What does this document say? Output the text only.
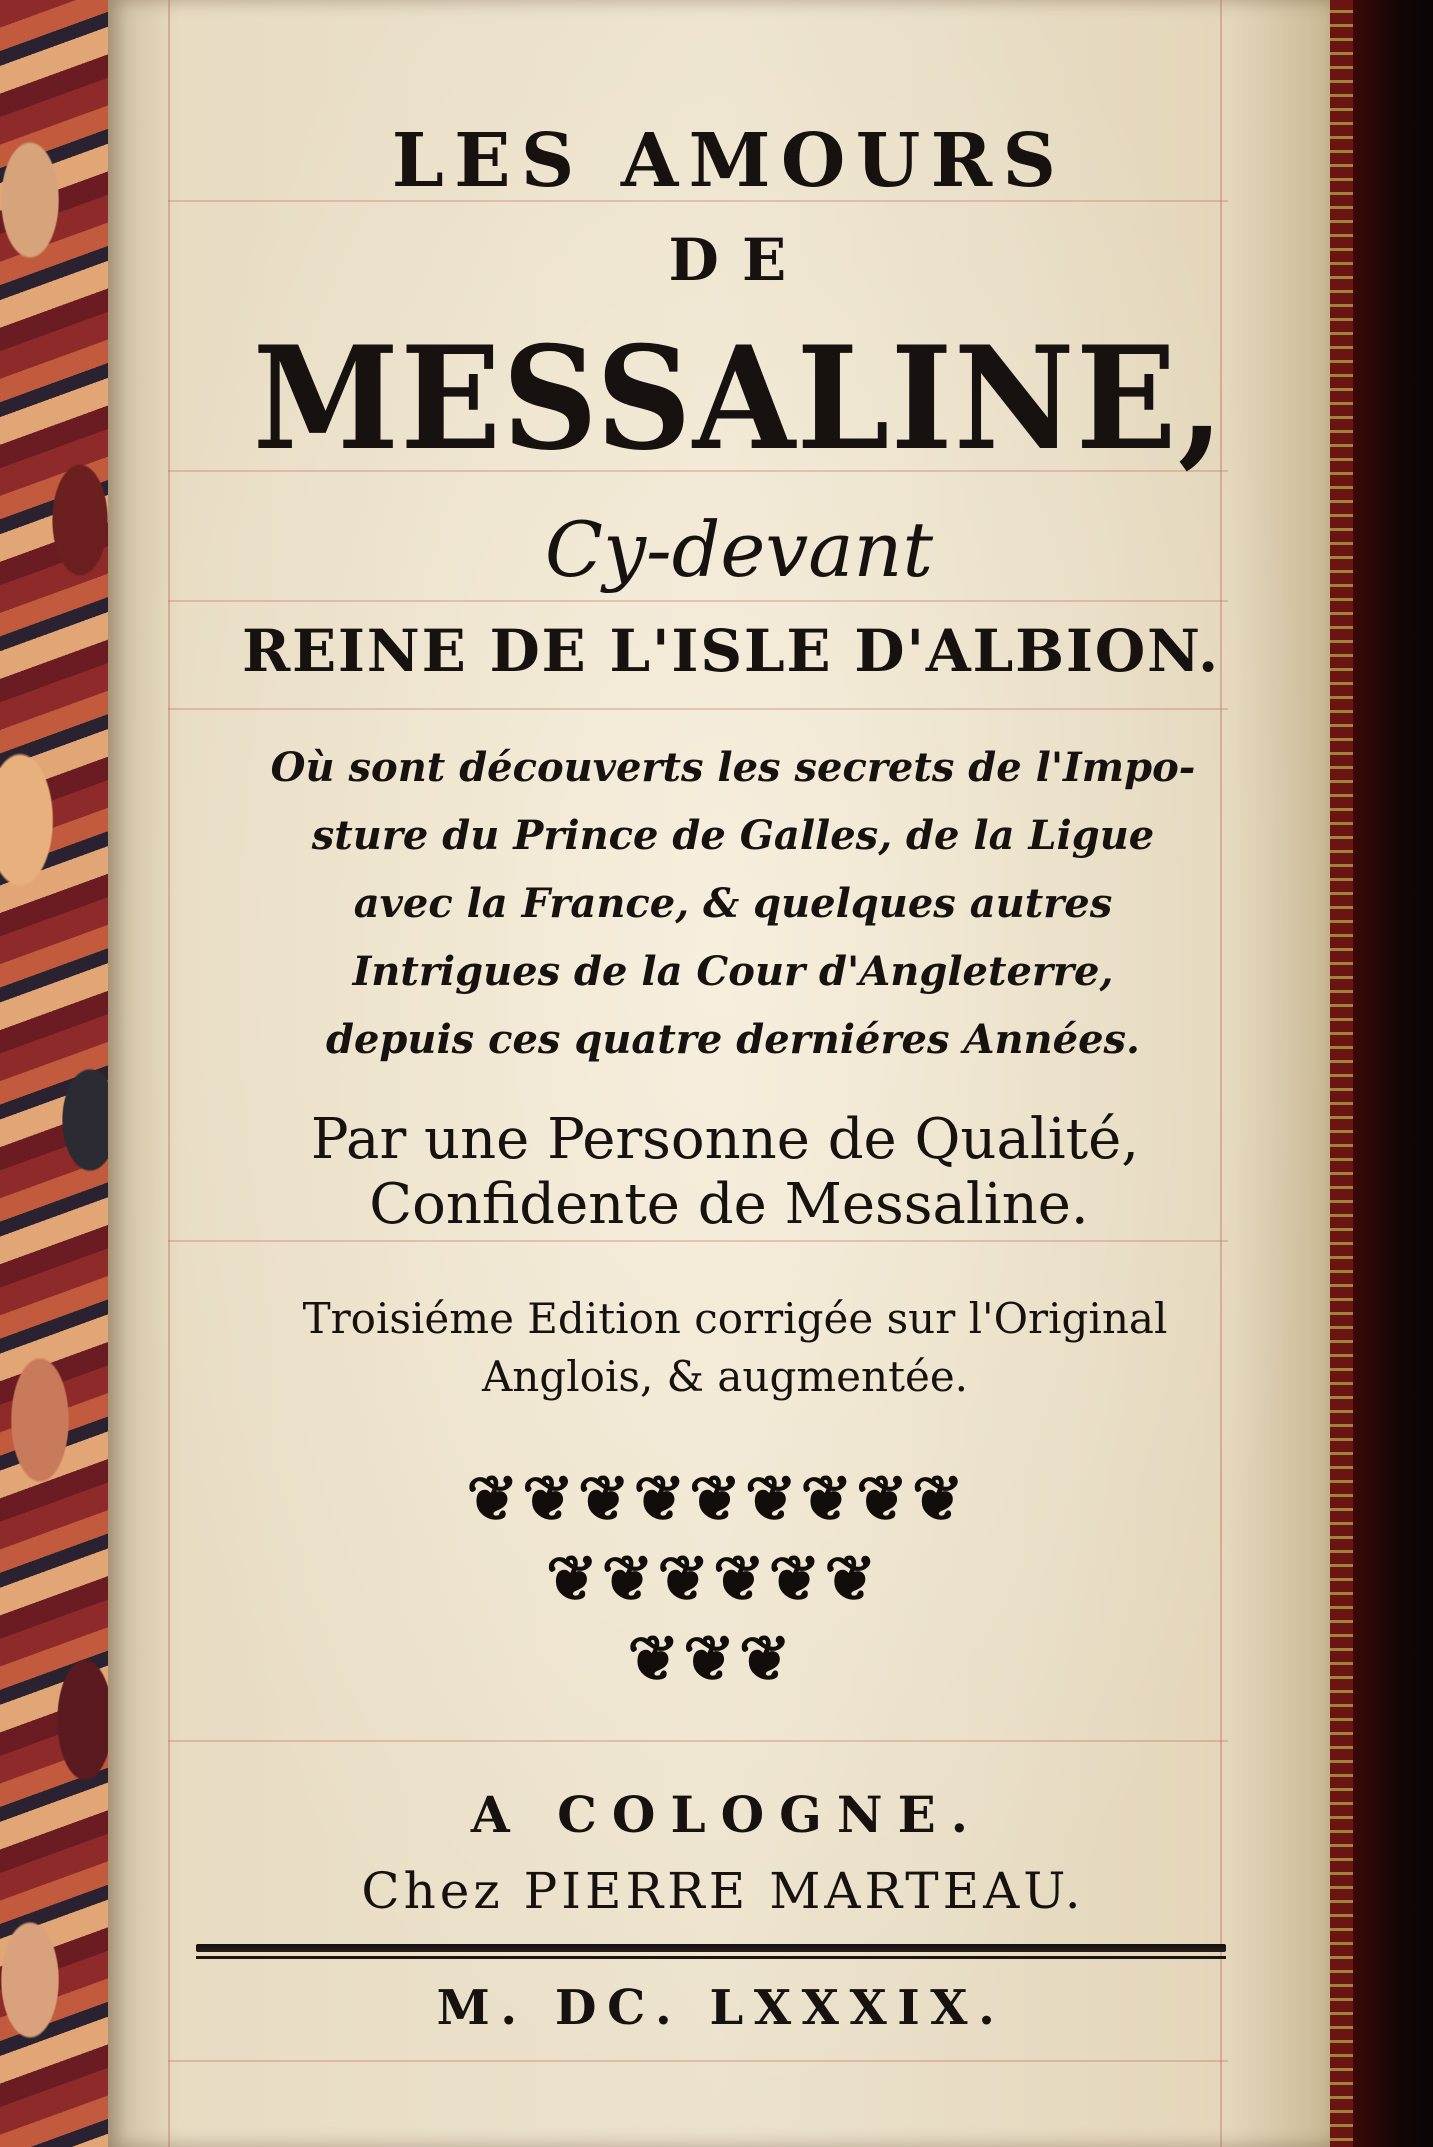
LES AMOURS
DE
MESSALINE,
Cy-devant
REINE DE L'ISLE D'ALBION.
Où sont découverts les secrets de l'Impo-
sture du Prince de Galles, de la Ligue
avec la France, & quelques autres
Intrigues de la Cour d'Angleterre,
depuis ces quatre derniéres Années.
Par une Personne de Qualité,
Confidente de Messaline.
Troisiéme Edition corrigée sur l'Original
Anglois, & augmentée.
❦❦❦❦❦❦❦❦❦
❦❦❦❦❦❦
❦❦❦
A COLOGNE.
Chez PIERRE MARTEAU.
M. DC. LXXXIX.
